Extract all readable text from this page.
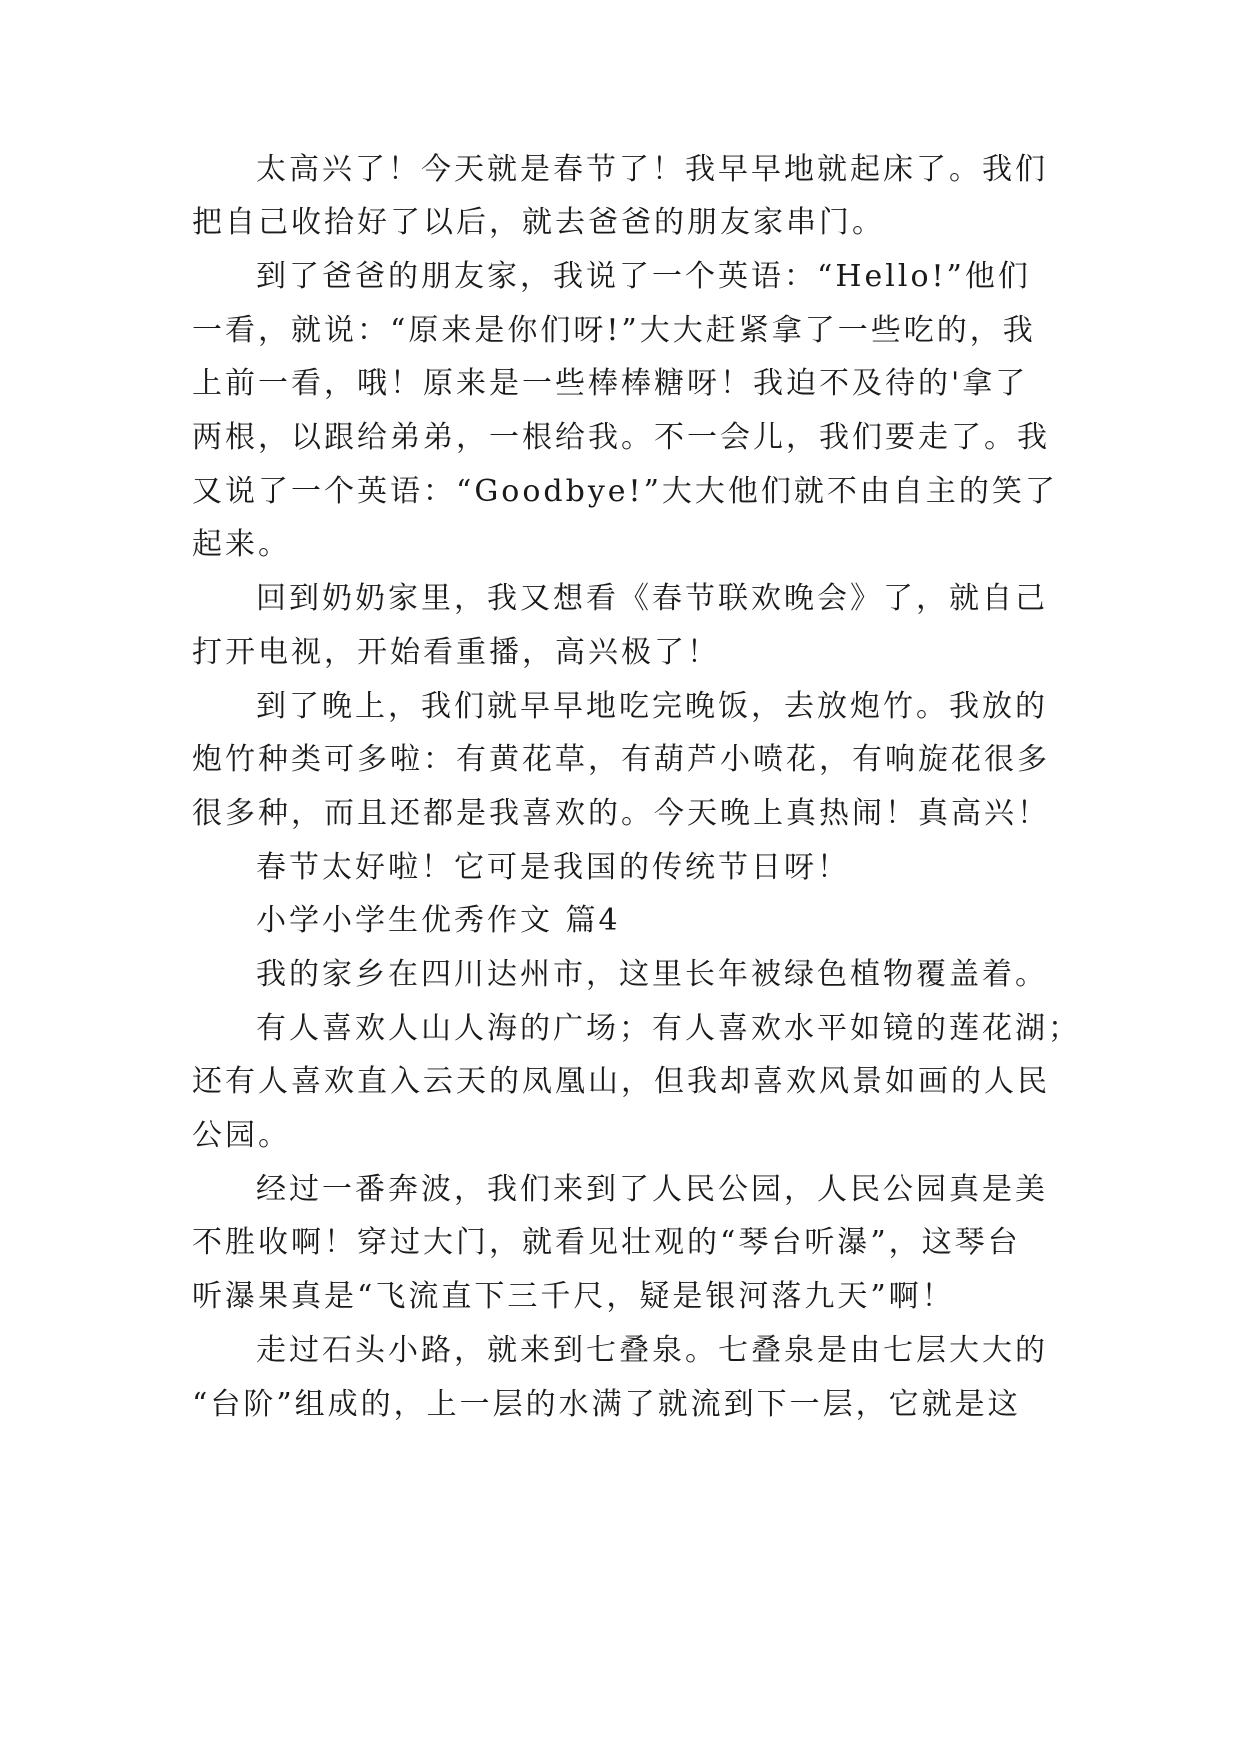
太高兴了！今天就是春节了！我早早地就起床了。我们
把自己收拾好了以后，就去爸爸的朋友家串门。
到了爸爸的朋友家，我说了一个英语：“Hello!”他们
一看，就说：“原来是你们呀!”大大赶紧拿了一些吃的，我
上前一看，哦！原来是一些棒棒糖呀！我迫不及待的'拿了
两根，以跟给弟弟，一根给我。不一会儿，我们要走了。我
又说了一个英语：“Goodbye!”大大他们就不由自主的笑了
起来。
回到奶奶家里，我又想看《春节联欢晚会》了，就自己
打开电视，开始看重播，高兴极了！
到了晚上，我们就早早地吃完晚饭，去放炮竹。我放的
炮竹种类可多啦：有黄花草，有葫芦小喷花，有响旋花很多
很多种，而且还都是我喜欢的。今天晚上真热闹！真高兴！
春节太好啦！它可是我国的传统节日呀！
小学小学生优秀作文 篇4
我的家乡在四川达州市，这里长年被绿色植物覆盖着。
有人喜欢人山人海的广场；有人喜欢水平如镜的莲花湖；
还有人喜欢直入云天的凤凰山，但我却喜欢风景如画的人民
公园。
经过一番奔波，我们来到了人民公园，人民公园真是美
不胜收啊！穿过大门，就看见壮观的“琴台听瀑”，这琴台
听瀑果真是“飞流直下三千尺，疑是银河落九天”啊！
走过石头小路，就来到七叠泉。七叠泉是由七层大大的
“台阶”组成的，上一层的水满了就流到下一层，它就是这
